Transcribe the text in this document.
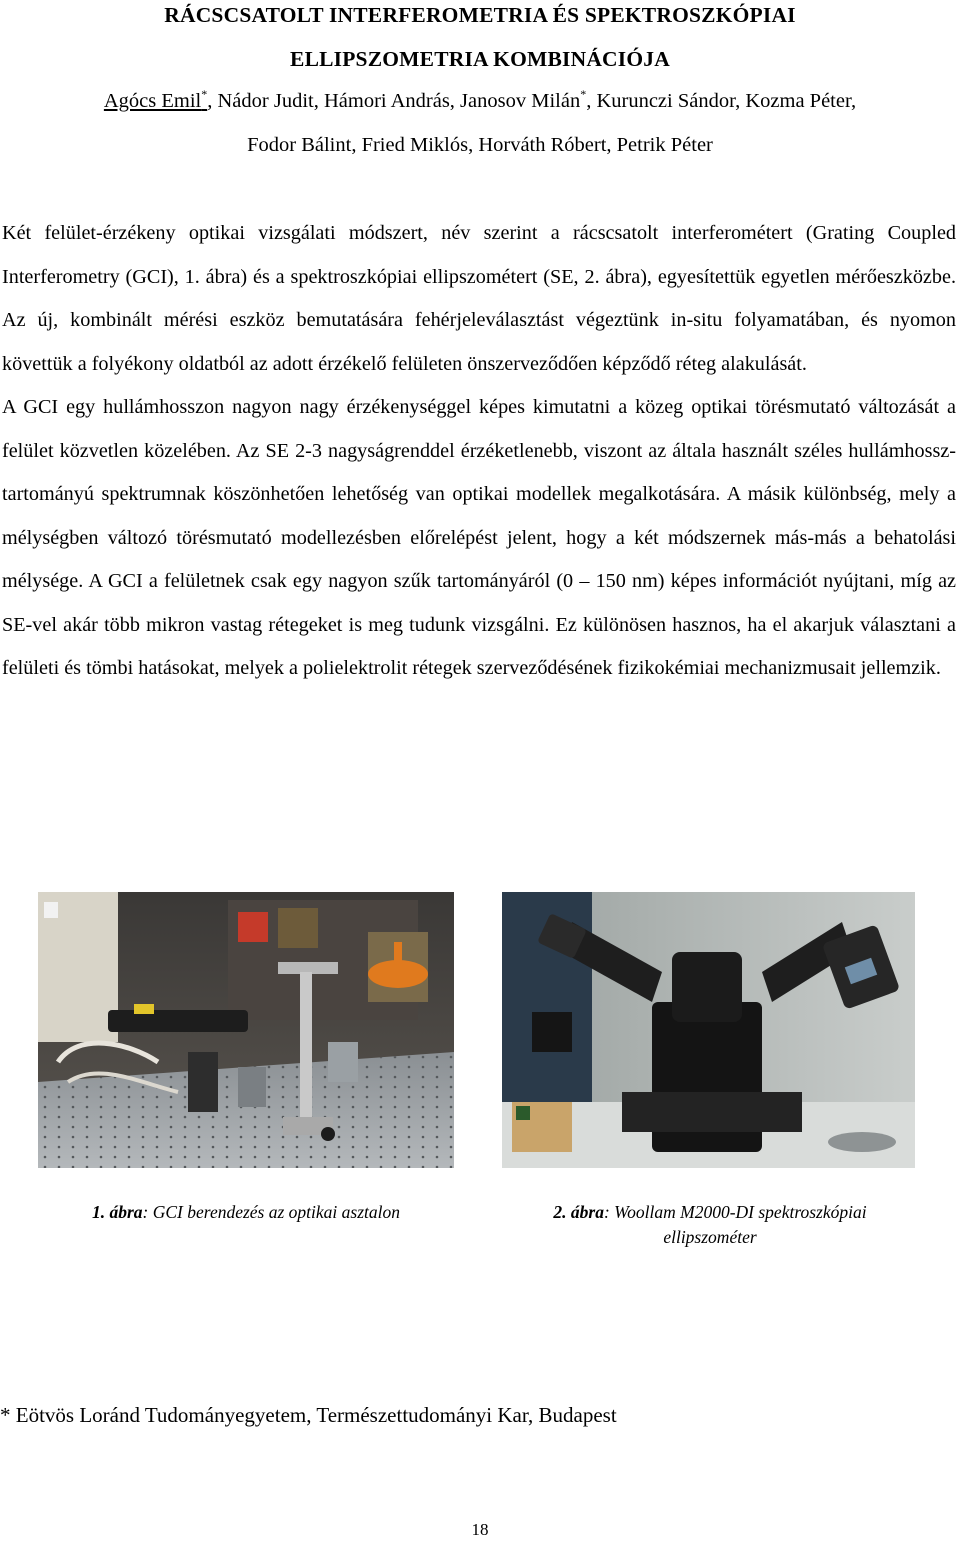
RÁCSCSATOLT INTERFEROMETRIA ÉS SPEKTROSZKÓPIAI
ELLIPSZOMETRIA KOMBINÁCIÓJA
Agócs Emil*, Nádor Judit, Hámori András, Janosov Milán*, Kurunczi Sándor, Kozma Péter,
Fodor Bálint, Fried Miklós, Horváth Róbert, Petrik Péter

Két felület-érzékeny optikai vizsgálati módszert, név szerint a rácscsatolt interferométert (Grating Coupled Interferometry (GCI), 1. ábra) és a spektroszkópiai ellipszométert (SE, 2. ábra), egyesítettük egyetlen mérőeszközbe. Az új, kombinált mérési eszköz bemutatására fehérjeleválasztást végeztünk in-situ folyamatában, és nyomon követtük a folyékony oldatból az adott érzékelő felületen önszerveződően képződő réteg alakulását.

A GCI egy hullámhosszon nagyon nagy érzékenységgel képes kimutatni a közeg optikai törésmutató változását a felület közvetlen közelében. Az SE 2-3 nagyságrenddel érzéketlenebb, viszont az általa használt széles hullámhossz-tartományú spektrumnak köszönhetően lehetőség van optikai modellek megalkotására. A másik különbség, mely a mélységben változó törésmutató modellezésben előrelépést jelent, hogy a két módszernek más-más a behatolási mélysége. A GCI a felületnek csak egy nagyon szűk tartományáról (0 – 150 nm) képes információt nyújtani, míg az SE-vel akár több mikron vastag rétegeket is meg tudunk vizsgálni. Ez különösen hasznos, ha el akarjuk választani a felületi és tömbi hatásokat, melyek a polielektrolit rétegek szerveződésének fizikokémiai mechanizmusait jellemzik.

1. ábra: GCI berendezés az optikai asztalon	2. ábra: Woollam M2000-DI spektroszkópiai ellipszométer
* Eötvös Loránd Tudományegyetem, Természettudományi Kar, Budapest
18
